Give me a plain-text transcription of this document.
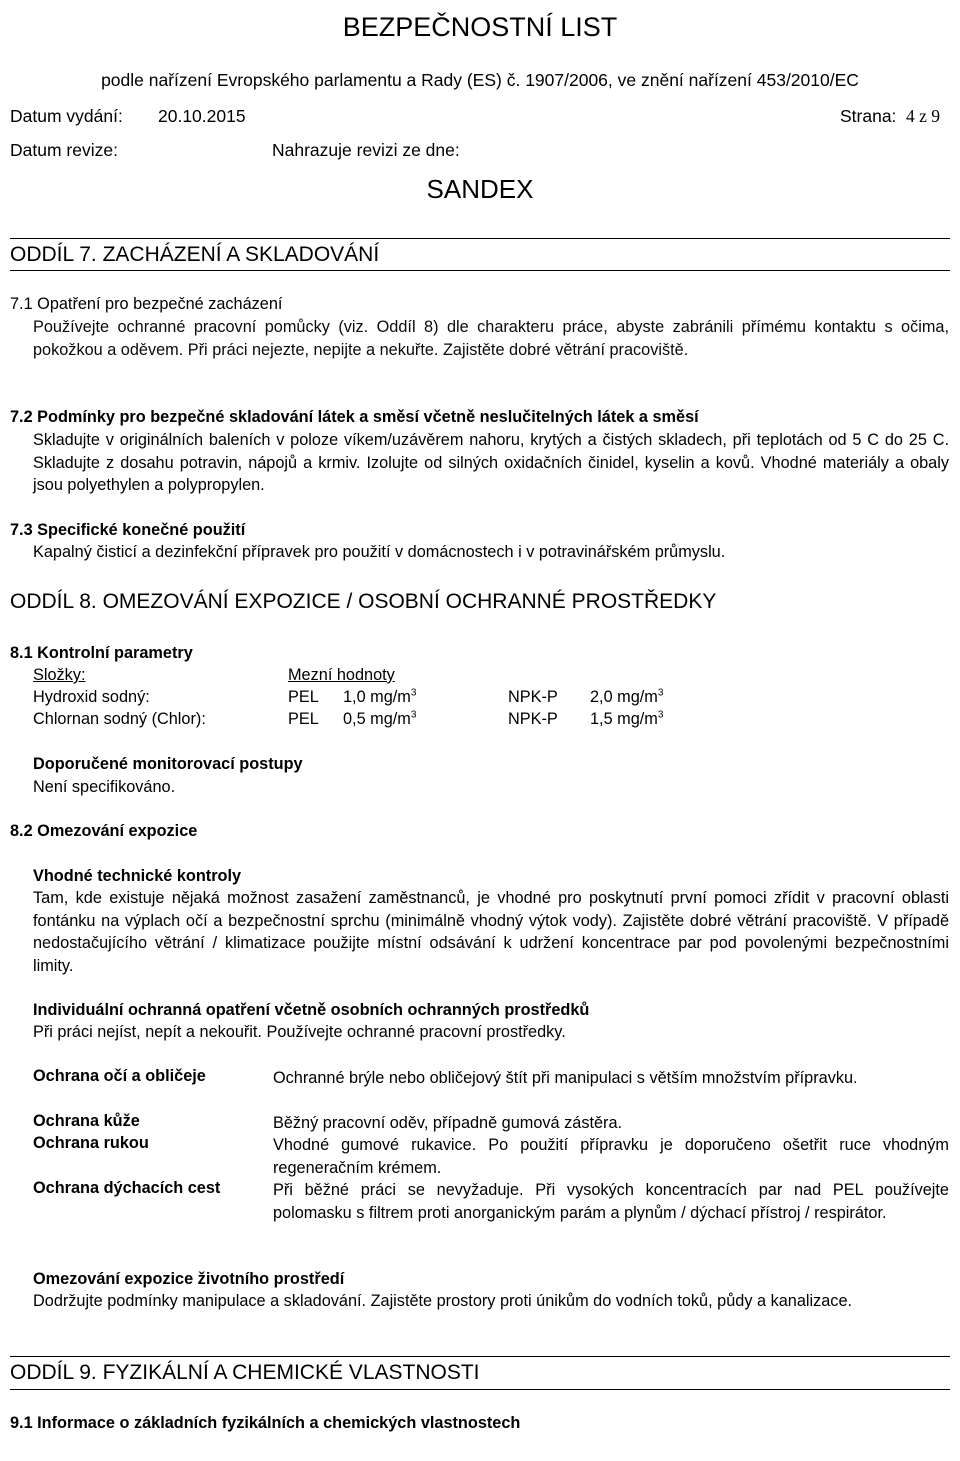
BEZPEČNOSTNÍ LIST
podle nařízení Evropského parlamentu a Rady (ES) č. 1907/2006, ve znění nařízení 453/2010/EC
Datum vydání: 20.10.2015	Strana: 4 z 9
Datum revize:	Nahrazuje revizi ze dne:
SANDEX
ODDÍL 7. ZACHÁZENÍ A SKLADOVÁNÍ
7.1 Opatření pro bezpečné zacházení
Používejte ochranné pracovní pomůcky (viz. Oddíl 8) dle charakteru práce, abyste zabránili přímému kontaktu s očima, pokožkou a oděvem. Při práci nejezte, nepijte a nekuřte. Zajistěte dobré větrání pracoviště.
7.2 Podmínky pro bezpečné skladování látek a směsí včetně neslučitelných látek a směsí
Skladujte v originálních baleních v poloze víkem/uzávěrem nahoru, krytých a čistých skladech, při teplotách od 5 C do 25 C. Skladujte z dosahu potravin, nápojů a krmiv. Izolujte od silných oxidačních činidel, kyselin a kovů. Vhodné materiály a obaly jsou polyethylen a polypropylen.
7.3 Specifické konečné použití
Kapalný čisticí a dezinfekční přípravek pro použití v domácnostech i v potravinářském průmyslu.
ODDÍL 8. OMEZOVÁNÍ EXPOZICE / OSOBNÍ OCHRANNÉ PROSTŘEDKY
8.1 Kontrolní parametry
Složky:	Mezní hodnoty
Hydroxid sodný:	PEL 1,0 $mg/m^3$	NPK-P 2,0 $mg/m^3$
Chlornan sodný (Chlor):	PEL 0,5 $mg/m^3$	NPK-P 1,5 $mg/m^3$
Doporučené monitorovací postupy
Není specifikováno.
8.2 Omezování expozice
Vhodné technické kontroly
Tam, kde existuje nějaká možnost zasažení zaměstnanců, je vhodné pro poskytnutí první pomoci zřídit v pracovní oblasti fontánku na výplach očí a bezpečnostní sprchu (minimálně vhodný výtok vody). Zajistěte dobré větrání pracoviště. V případě nedostačujícího větrání / klimatizace použijte místní odsávání k udržení koncentrace par pod povolenými bezpečnostními limity.
Individuální ochranná opatření včetně osobních ochranných prostředků
Při práci nejíst, nepít a nekouřit. Používejte ochranné pracovní prostředky.
Ochrana očí a obličeje	Ochranné brýle nebo obličejový štít při manipulaci s větším množstvím přípravku.
Ochrana kůže	Běžný pracovní oděv, případně gumová zástěra.
Ochrana rukou	Vhodné gumové rukavice. Po použití přípravku je doporučeno ošetřit ruce vhodným regeneračním krémem.
Ochrana dýchacích cest	Při běžné práci se nevyžaduje. Při vysokých koncentracích par nad PEL používejte polomasku s filtrem proti anorganickým parám a plynům / dýchací přístroj / respirátor.
Omezování expozice životního prostředí
Dodržujte podmínky manipulace a skladování. Zajistěte prostory proti únikům do vodních toků, půdy a kanalizace.
ODDÍL 9. FYZIKÁLNÍ A CHEMICKÉ VLASTNOSTI
9.1 Informace o základních fyzikálních a chemických vlastnostech
